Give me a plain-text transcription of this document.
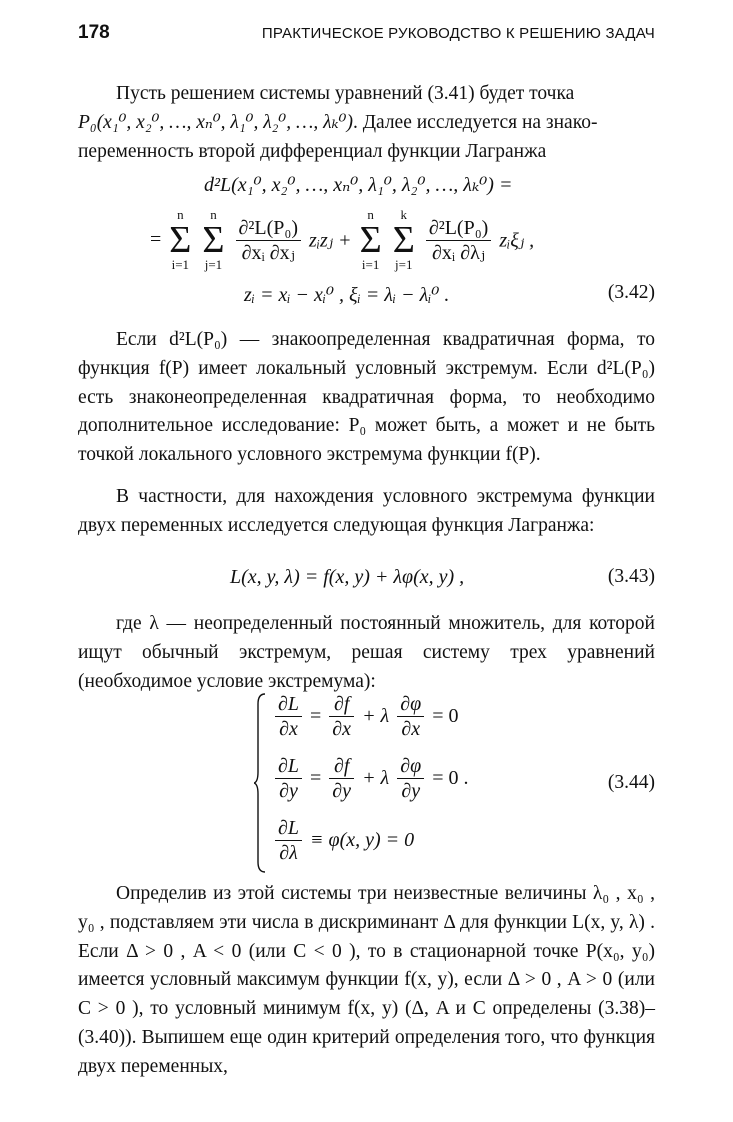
178	ПРАКТИЧЕСКОЕ РУКОВОДСТВО К РЕШЕНИЮ ЗАДАЧ

Пусть решением системы уравнений (3.41) будет точка

P₀(x₁⁰, x₂⁰, …, xₙ⁰, λ₁⁰, λ₂⁰, …, λₖ⁰). Далее исследуется на знако-

переменность второй дифференциал функции Лагранжа

d²L(x₁⁰, x₂⁰, …, xₙ⁰, λ₁⁰, λ₂⁰, …, λₖ⁰) =
=
n
Σ
i=1

n
Σ
j=1
$\frac{\text{∂²L(P₀)}}{\text{∂xᵢ ∂xⱼ}}$ zᵢzⱼ +
n
Σ
i=1

k
Σ
j=1
$\frac{\text{∂²L(P₀)}}{\text{∂xᵢ ∂λⱼ}}$ zᵢξⱼ ,
zᵢ = xᵢ − xᵢ⁰ , ξᵢ = λᵢ − λᵢ⁰ .	(3.42)

Если d²L(P₀) — знакоопределенная квадратичная форма, то функция f(P) имеет локальный условный экстремум. Если d²L(P₀) есть знаконеопределенная квадратичная форма, то необходимо дополнительное исследование: P₀ может быть, а может и не быть точкой локального условного экстремума функции f(P).

В частности, для нахождения условного экстремума функции двух переменных исследуется следующая функция Лагранжа:

L(x, y, λ) = f(x, y) + λφ(x, y) ,	(3.43)

где λ — неопределенный постоянный множитель, для которой ищут обычный экстремум, решая систему трех уравнений (необходимое условие экстремума):

$\frac{\partial L}{\partial x} = \frac{\partial f}{\partial x} + \lambda \frac{\partial\varphi}{\partial x} = 0$
$\frac{\partial L}{\partial y} = \frac{\partial f}{\partial y} + \lambda \frac{\partial\varphi}{\partial y} = 0$ .
$\frac{\partial L}{\partial\lambda} \equiv \varphi(x$, y) = 0
(3.44)

Определив из этой системы три неизвестные величины λ₀ , x₀ , y₀ , подставляем эти числа в дискриминант Δ для функции L(x, y, λ) . Если Δ > 0 , A < 0 (или C < 0 ), то в стационарной точке P(x₀, y₀) имеется условный максимум функции f(x, y), если Δ > 0 , A > 0 (или C > 0 ), то условный минимум f(x, y) (Δ, A и C определены (3.38)–(3.40)). Выпишем еще один критерий определения того, что функция двух переменных,
